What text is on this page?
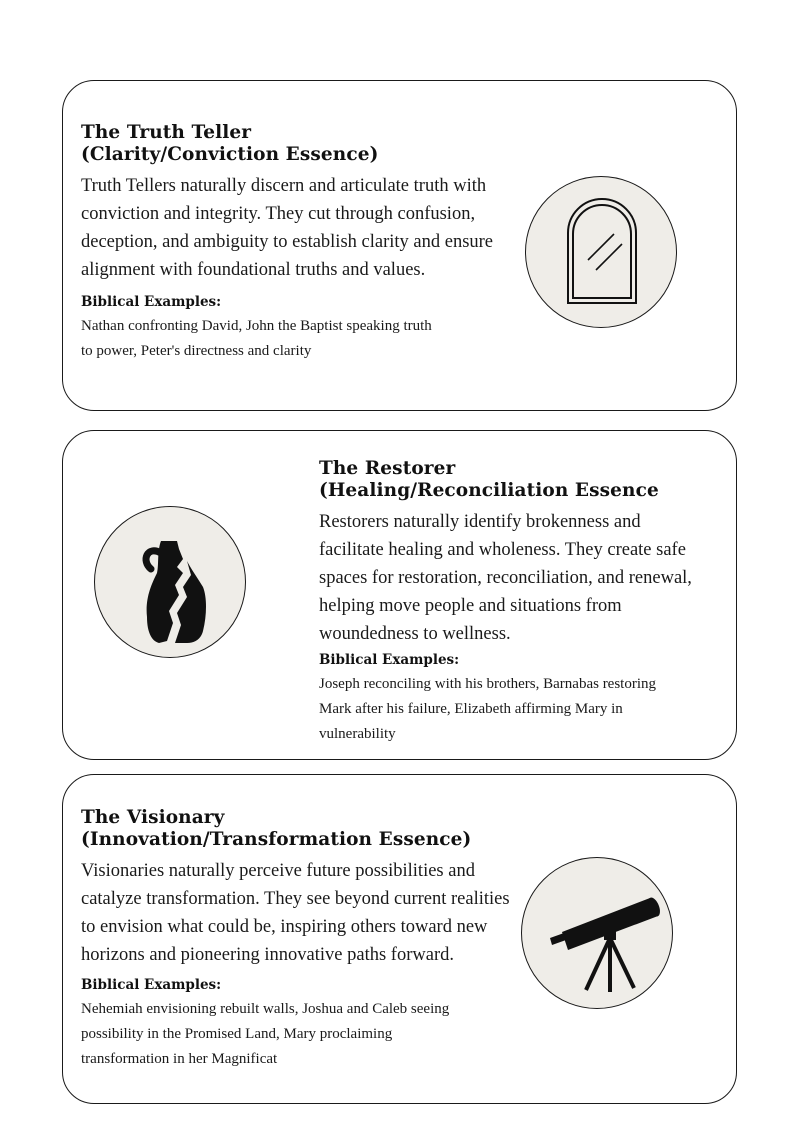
The Truth Teller
(Clarity/Conviction Essence)

Truth Tellers naturally discern and articulate truth with conviction and integrity. They cut through confusion, deception, and ambiguity to establish clarity and ensure alignment with foundational truths and values.

Biblical Examples:

Nathan confronting David, John the Baptist speaking truth to power, Peter's directness and clarity

The Restorer
(Healing/Reconciliation Essence

Restorers naturally identify brokenness and facilitate healing and wholeness. They create safe spaces for restoration, reconciliation, and renewal, helping move people and situations from woundedness to wellness.

Biblical Examples:

Joseph reconciling with his brothers, Barnabas restoring Mark after his failure, Elizabeth affirming Mary in vulnerability

The Visionary
(Innovation/Transformation Essence)

Visionaries naturally perceive future possibilities and catalyze transformation. They see beyond current realities to envision what could be, inspiring others toward new horizons and pioneering innovative paths forward.

Biblical Examples:

Nehemiah envisioning rebuilt walls, Joshua and Caleb seeing possibility in the Promised Land, Mary proclaiming transformation in her Magnificat
